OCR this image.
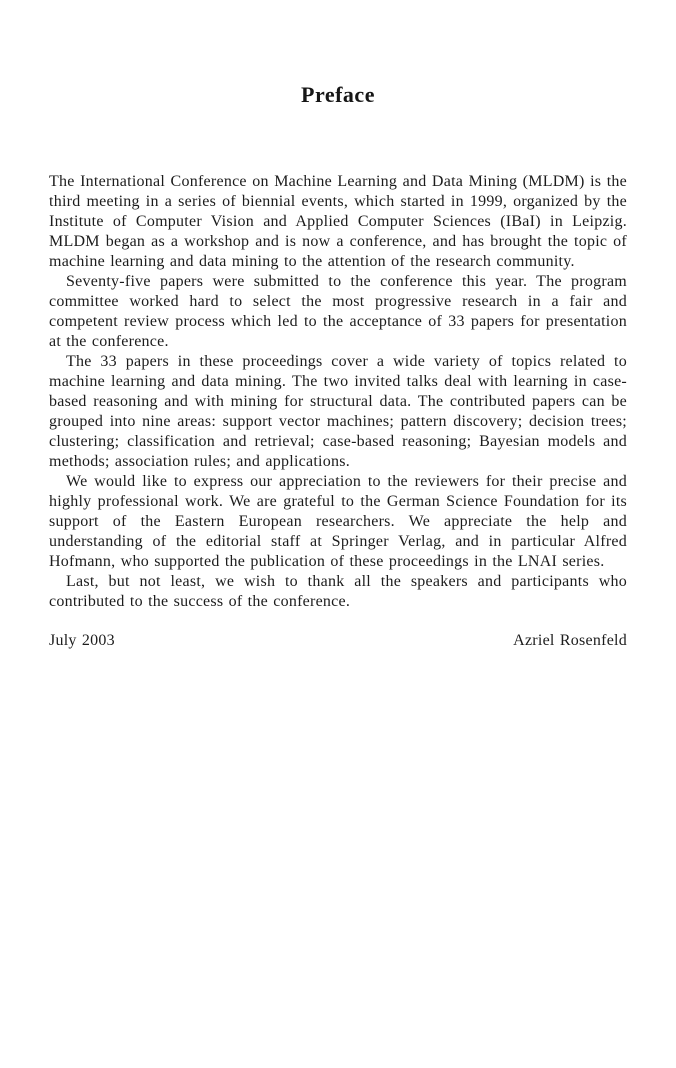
Preface

The International Conference on Machine Learning and Data Mining (MLDM) is the third meeting in a series of biennial events, which started in 1999, organized by the Institute of Computer Vision and Applied Computer Sciences (IBaI) in Leipzig. MLDM began as a workshop and is now a conference, and has brought the topic of machine learning and data mining to the attention of the research community.

Seventy-five papers were submitted to the conference this year. The program committee worked hard to select the most progressive research in a fair and competent review process which led to the acceptance of 33 papers for presentation at the conference.

The 33 papers in these proceedings cover a wide variety of topics related to machine learning and data mining. The two invited talks deal with learning in case-based reasoning and with mining for structural data. The contributed papers can be grouped into nine areas: support vector machines; pattern discovery; decision trees; clustering; classification and retrieval; case-based reasoning; Bayesian models and methods; association rules; and applications.

We would like to express our appreciation to the reviewers for their precise and highly professional work. We are grateful to the German Science Foundation for its support of the Eastern European researchers. We appreciate the help and understanding of the editorial staff at Springer Verlag, and in particular Alfred Hofmann, who supported the publication of these proceedings in the LNAI series.

Last, but not least, we wish to thank all the speakers and participants who contributed to the success of the conference.

July 2003	Azriel Rosenfeld
